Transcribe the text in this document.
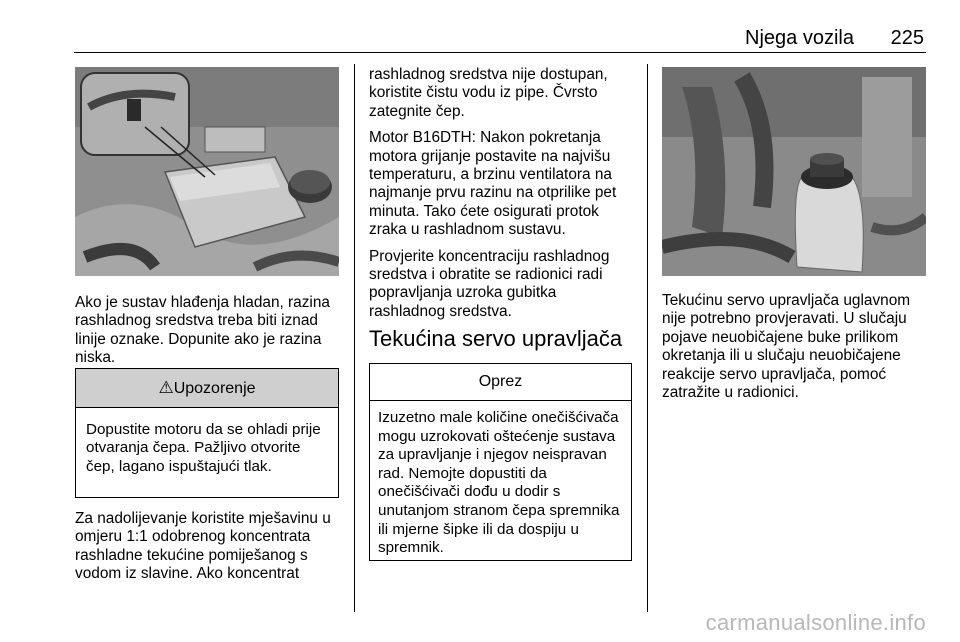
Njega vozila 225

Ako je sustav hlađenja hladan, razina rashladnog sredstva treba biti iznad linije oznake. Dopunite ako je razina niska.

⚠Upozorenje
Dopustite motoru da se ohladi prije otvaranja čepa. Pažljivo otvorite čep, lagano ispuštajući tlak.

Za nadolijevanje koristite mješavinu u omjeru 1:1 odobrenog koncentrata rashladne tekućine pomiješanog s vodom iz slavine. Ako koncentrat

rashladnog sredstva nije dostupan, koristite čistu vodu iz pipe. Čvrsto zategnite čep.

Motor B16DTH: Nakon pokretanja motora grijanje postavite na najvišu temperaturu, a brzinu ventilatora na najmanje prvu razinu na otprilike pet minuta. Tako ćete osigurati protok zraka u rashladnom sustavu.

Provjerite koncentraciju rashladnog sredstva i obratite se radionici radi popravljanja uzroka gubitka rashladnog sredstva.

Tekućina servo upravljača
Oprez
Izuzetno male količine onečišćivača mogu uzrokovati oštećenje sustava za upravljanje i njegov neispravan rad. Nemojte dopustiti da onečišćivači dođu u dodir s unutanjom stranom čepa spremnika ili mjerne šipke ili da dospiju u spremnik.

Tekućinu servo upravljača uglavnom nije potrebno provjeravati. U slučaju pojave neuobičajene buke prilikom okretanja ili u slučaju neuobičajene reakcije servo upravljača, pomoć zatražite u radionici.

carmanualsonline.info
